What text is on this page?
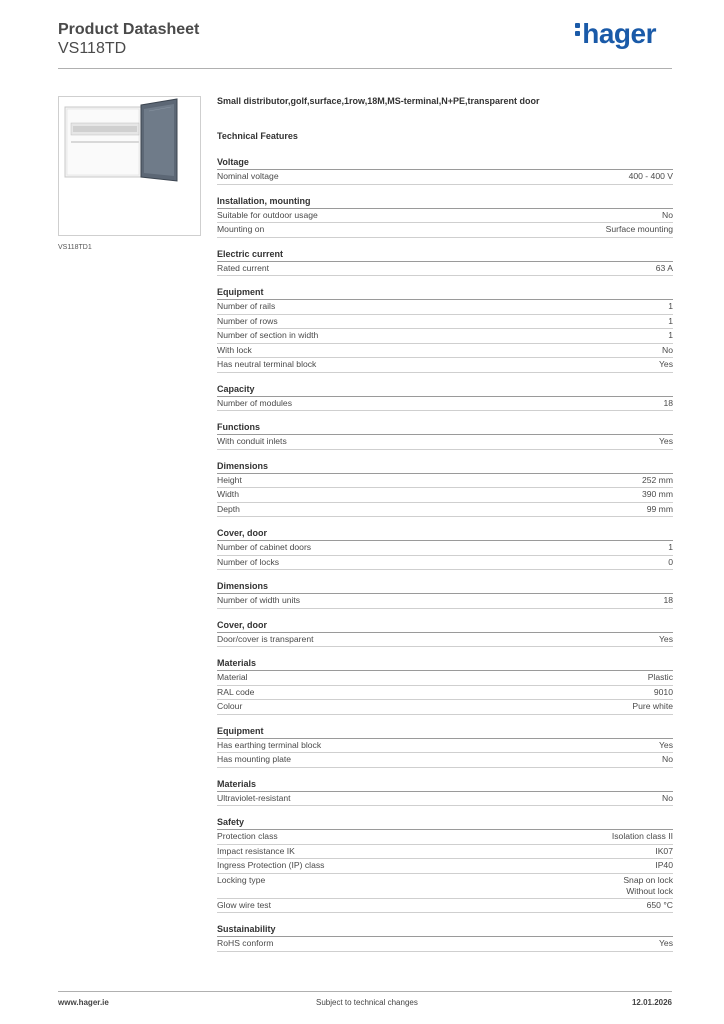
Product Datasheet
VS118TD	hager
VS118TD1
Small distributor,golf,surface,1row,18M,MS-terminal,N+PE,transparent door
Technical Features
Voltage
Nominal voltage	400 - 400 V
Installation, mounting
Suitable for outdoor usage	No
Mounting on	Surface mounting
Electric current
Rated current	63 A
Equipment
Number of rails	1
Number of rows	1
Number of section in width	1
With lock	No
Has neutral terminal block	Yes
Capacity
Number of modules	18
Functions
With conduit inlets	Yes
Dimensions
Height	252 mm
Width	390 mm
Depth	99 mm
Cover, door
Number of cabinet doors	1
Number of locks	0
Dimensions
Number of width units	18
Cover, door
Door/cover is transparent	Yes
Materials
Material	Plastic
RAL code	9010
Colour	Pure white
Equipment
Has earthing terminal block	Yes
Has mounting plate	No
Materials
Ultraviolet-resistant	No
Safety
Protection class	Isolation class II
Impact resistance IK	IK07
Ingress Protection (IP) class	IP40
Locking type	Snap on lock
Without lock
Glow wire test	650 °C
Sustainability
RoHS conform	Yes
www.hager.ie	Subject to technical changes	12.01.2026
